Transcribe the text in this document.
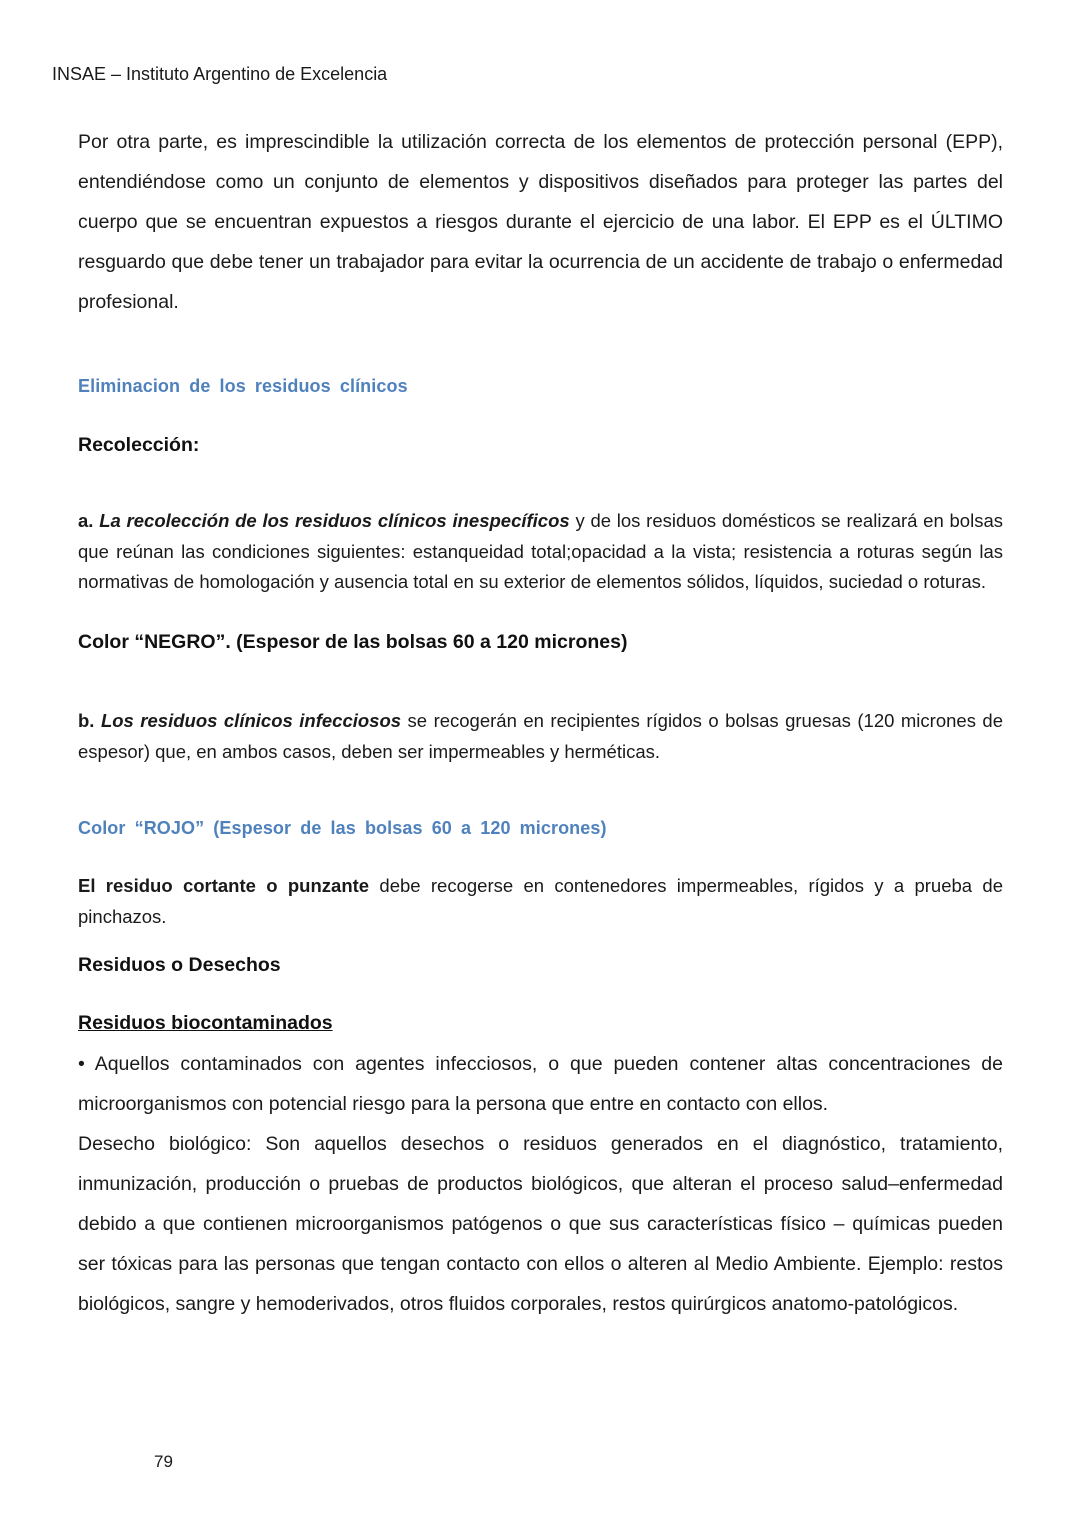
INSAE – Instituto Argentino de Excelencia

Por otra parte, es imprescindible la utilización correcta de los elementos de protección personal (EPP), entendiéndose como un conjunto de elementos y dispositivos diseñados para proteger las partes del cuerpo que se encuentran expuestos a riesgos durante el ejercicio de una labor. El EPP es el ÚLTIMO resguardo que debe tener un trabajador para evitar la ocurrencia de un accidente de trabajo o enfermedad profesional.

Eliminacion de los residuos clínicos
Recolección:

a. La recolección de los residuos clínicos inespecíficos y de los residuos domésticos se realizará en bolsas que reúnan las condiciones siguientes: estanqueidad total;opacidad a la vista; resistencia a roturas según las normativas de homologación y ausencia total en su exterior de elementos sólidos, líquidos, suciedad o roturas.

Color “NEGRO”. (Espesor de las bolsas 60 a 120 micrones)

b. Los residuos clínicos infecciosos se recogerán en recipientes rígidos o bolsas gruesas (120 micrones de espesor) que, en ambos casos, deben ser impermeables y herméticas.

Color “ROJO” (Espesor de las bolsas 60 a 120 micrones)

El residuo cortante o punzante debe recogerse en contenedores impermeables, rígidos y a prueba de pinchazos.

Residuos o Desechos
Residuos biocontaminados

• Aquellos contaminados con agentes infecciosos, o que pueden contener altas concentraciones de microorganismos con potencial riesgo para la persona que entre en contacto con ellos.

Desecho biológico: Son aquellos desechos o residuos generados en el diagnóstico, tratamiento, inmunización, producción o pruebas de productos biológicos, que alteran el proceso salud–enfermedad debido a que contienen microorganismos patógenos o que sus características físico – químicas pueden ser tóxicas para las personas que tengan contacto con ellos o alteren al Medio Ambiente. Ejemplo: restos biológicos, sangre y hemoderivados, otros fluidos corporales, restos quirúrgicos anatomo-patológicos.

79
